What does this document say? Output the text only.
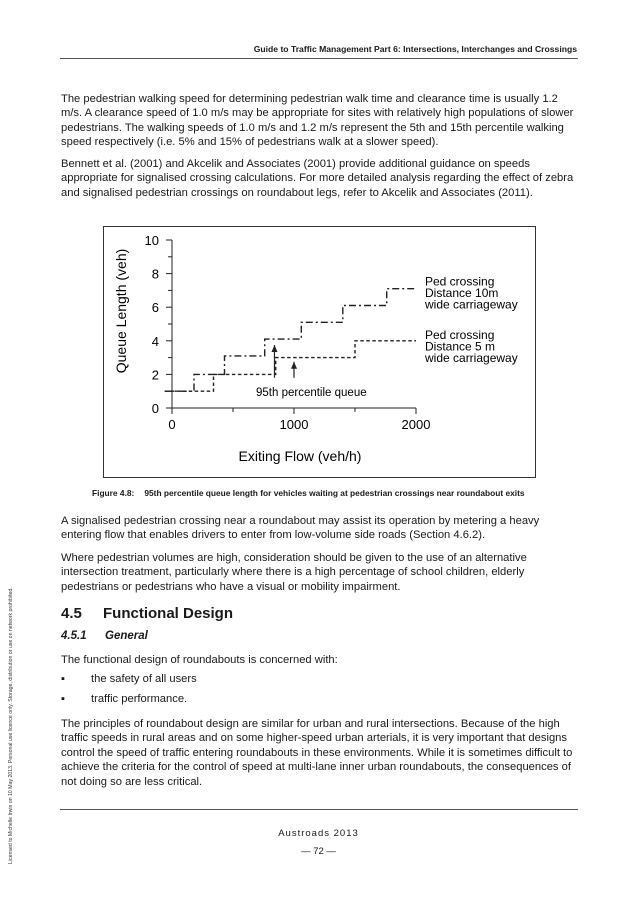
Guide to Traffic Management Part 6: Intersections, Interchanges and Crossings
The pedestrian walking speed for determining pedestrian walk time and clearance time is usually 1.2 m/s. A clearance speed of 1.0 m/s may be appropriate for sites with relatively high populations of slower pedestrians. The walking speeds of 1.0 m/s and 1.2 m/s represent the 5th and 15th percentile walking speed respectively (i.e. 5% and 15% of pedestrians walk at a slower speed).
Bennett et al. (2001) and Akcelik and Associates (2001) provide additional guidance on speeds appropriate for signalised crossing calculations. For more detailed analysis regarding the effect of zebra and signalised pedestrian crossings on roundabout legs, refer to Akcelik and Associates (2011).
0
2
4
6
8
10
0	1000	2000
Ped crossing
Distance 10m
wide carriageway
Ped crossing
Distance 5 m
wide carriageway
Queue Length (veh)
Exiting Flow (veh/h)
95th percentile queue
Figure 4.8: 95th percentile queue length for vehicles waiting at pedestrian crossings near roundabout exits
A signalised pedestrian crossing near a roundabout may assist its operation by metering a heavy entering flow that enables drivers to enter from low-volume side roads (Section 4.6.2).
Where pedestrian volumes are high, consideration should be given to the use of an alternative intersection treatment, particularly where there is a high percentage of school children, elderly pedestrians or pedestrians who have a visual or mobility impairment.
4.5 Functional Design
4.5.1 General
The functional design of roundabouts is concerned with:
▪ the safety of all users
▪ traffic performance.
The principles of roundabout design are similar for urban and rural intersections. Because of the high traffic speeds in rural areas and on some higher-speed urban arterials, it is very important that designs control the speed of traffic entering roundabouts in these environments. While it is sometimes difficult to achieve the criteria for the control of speed at multi-lane inner urban roundabouts, the consequences of not doing so are less critical.
Austroads 2013
— 72 —
Licensed to Michelle Irwin on 10 May 2013. Personal use licence only. Storage, distribution or use on network prohibited.
